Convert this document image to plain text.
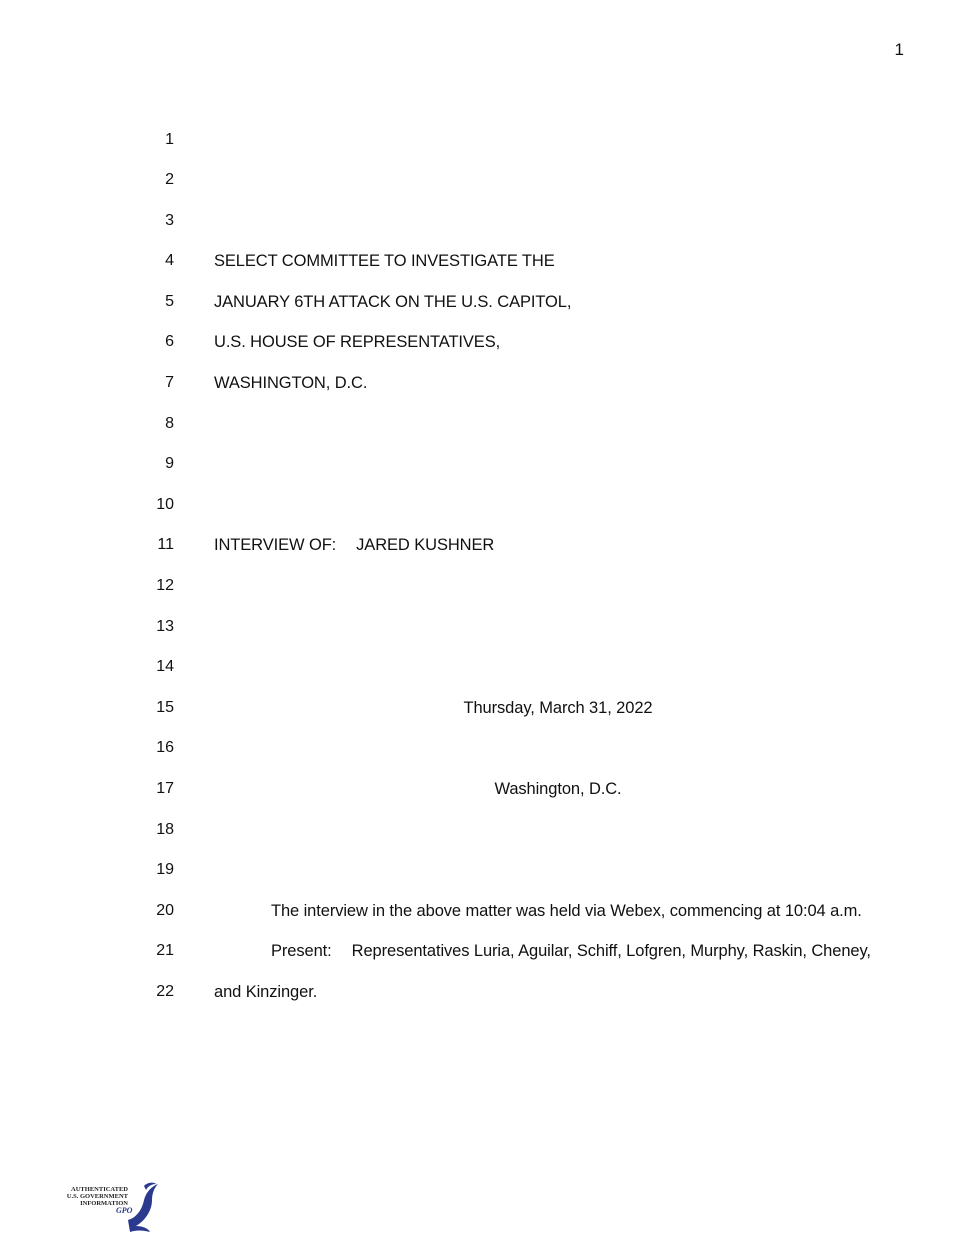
1
1
2
3
4 SELECT COMMITTEE TO INVESTIGATE THE
5 JANUARY 6TH ATTACK ON THE U.S. CAPITOL,
6 U.S. HOUSE OF REPRESENTATIVES,
7 WASHINGTON, D.C.
8
9
10
11 INTERVIEW OF: JARED KUSHNER
12
13
14
15	Thursday, March 31, 2022
16
17	Washington, D.C.
18
19
20	The interview in the above matter was held via Webex, commencing at 10:04 a.m.
21	Present: Representatives Luria, Aguilar, Schiff, Lofgren, Murphy, Raskin, Cheney,
22 and Kinzinger.
AUTHENTICATED
U.S. GOVERNMENT
INFORMATION
GPO
